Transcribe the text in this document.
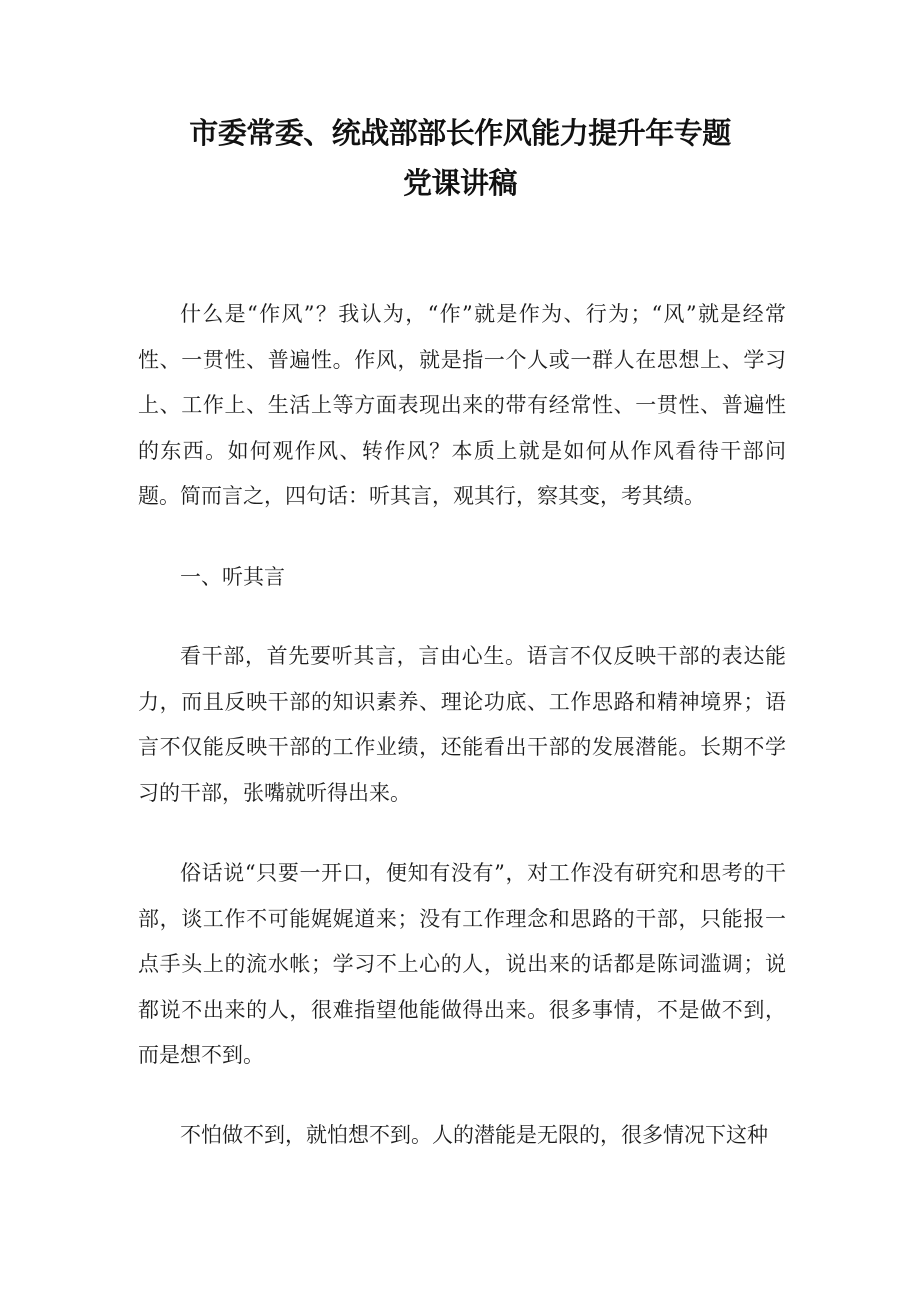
市委常委、统战部部长作风能力提升年专题
党课讲稿

什么是“作风”？我认为，“作”就是作为、行为；“风”就是经常性、一贯性、普遍性。作风，就是指一个人或一群人在思想上、学习上、工作上、生活上等方面表现出来的带有经常性、一贯性、普遍性的东西。如何观作风、转作风？本质上就是如何从作风看待干部问题。简而言之，四句话：听其言，观其行，察其变，考其绩。

一、听其言

看干部，首先要听其言，言由心生。语言不仅反映干部的表达能力，而且反映干部的知识素养、理论功底、工作思路和精神境界；语言不仅能反映干部的工作业绩，还能看出干部的发展潜能。长期不学习的干部，张嘴就听得出来。

俗话说“只要一开口，便知有没有”，对工作没有研究和思考的干部，谈工作不可能娓娓道来；没有工作理念和思路的干部，只能报一点手头上的流水帐；学习不上心的人，说出来的话都是陈词滥调；说都说不出来的人，很难指望他能做得出来。很多事情，不是做不到，而是想不到。

不怕做不到，就怕想不到。人的潜能是无限的，很多情况下这种
